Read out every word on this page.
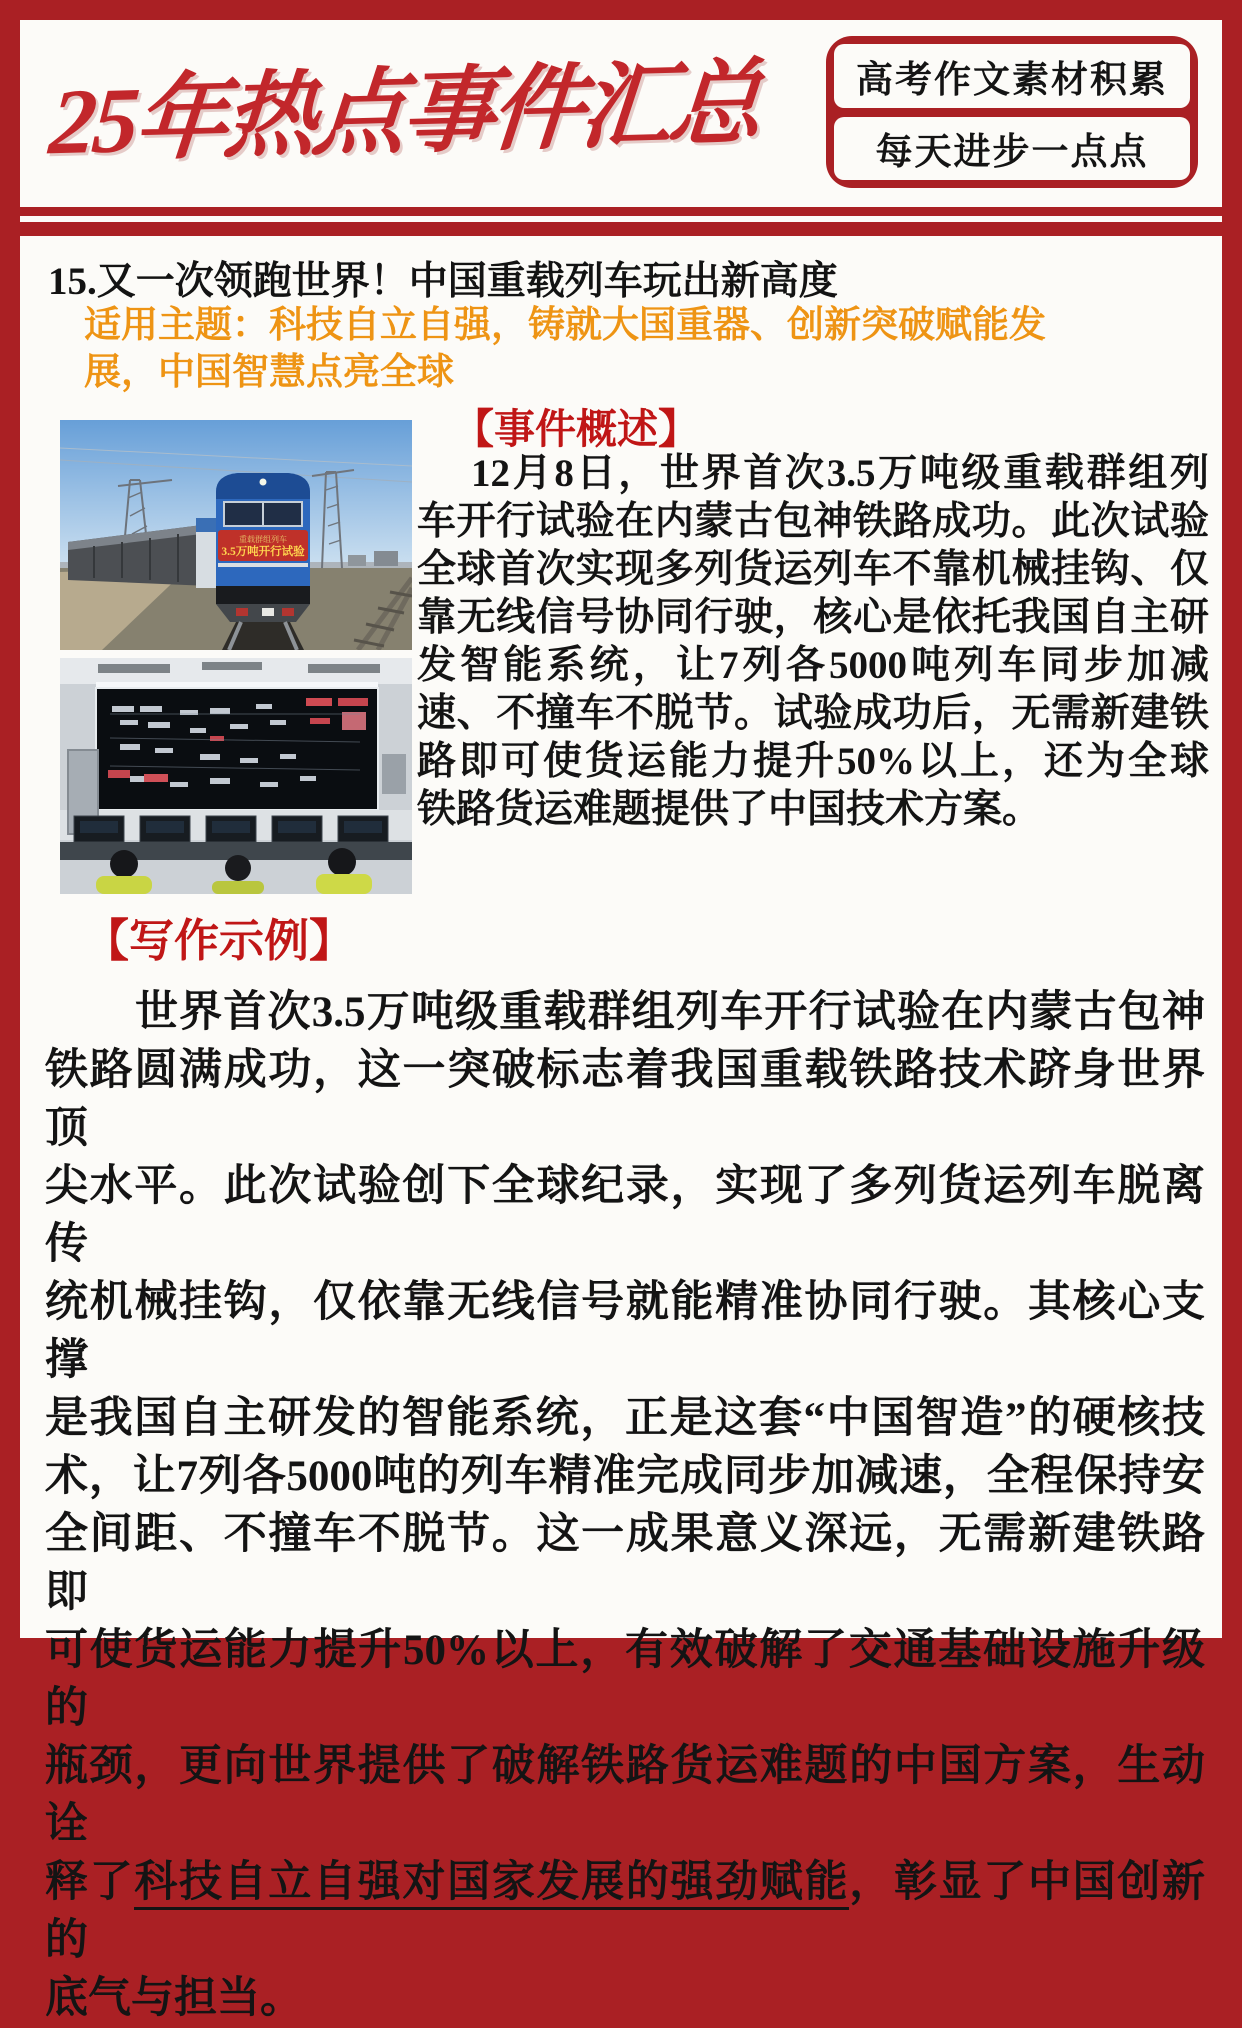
25年热点事件汇总	高考作文素材积累
每天进步一点点
15.又一次领跑世界！中国重载列车玩出新高度
适用主题：科技自立自强，铸就大国重器、创新突破赋能发
展，中国智慧点亮全球
重载群组列车
3.5万吨开行试验
【事件概述】
12月8日，世界首次3.5万吨级重载群组列
车开行试验在内蒙古包神铁路成功。此次试验
全球首次实现多列货运列车不靠机械挂钩、仅
靠无线信号协同行驶，核心是依托我国自主研
发智能系统，让7列各5000吨列车同步加减
速、不撞车不脱节。试验成功后，无需新建铁
路即可使货运能力提升50%以上，还为全球
铁路货运难题提供了中国技术方案。
【写作示例】
世界首次3.5万吨级重载群组列车开行试验在内蒙古包神
铁路圆满成功，这一突破标志着我国重载铁路技术跻身世界顶
尖水平。此次试验创下全球纪录，实现了多列货运列车脱离传
统机械挂钩，仅依靠无线信号就能精准协同行驶。其核心支撑
是我国自主研发的智能系统，正是这套“中国智造”的硬核技
术，让7列各5000吨的列车精准完成同步加减速，全程保持安
全间距、不撞车不脱节。这一成果意义深远，无需新建铁路即
可使货运能力提升50%以上，有效破解了交通基础设施升级的
瓶颈，更向世界提供了破解铁路货运难题的中国方案，生动诠
释了科技自立自强对国家发展的强劲赋能，彰显了中国创新的
底气与担当。
